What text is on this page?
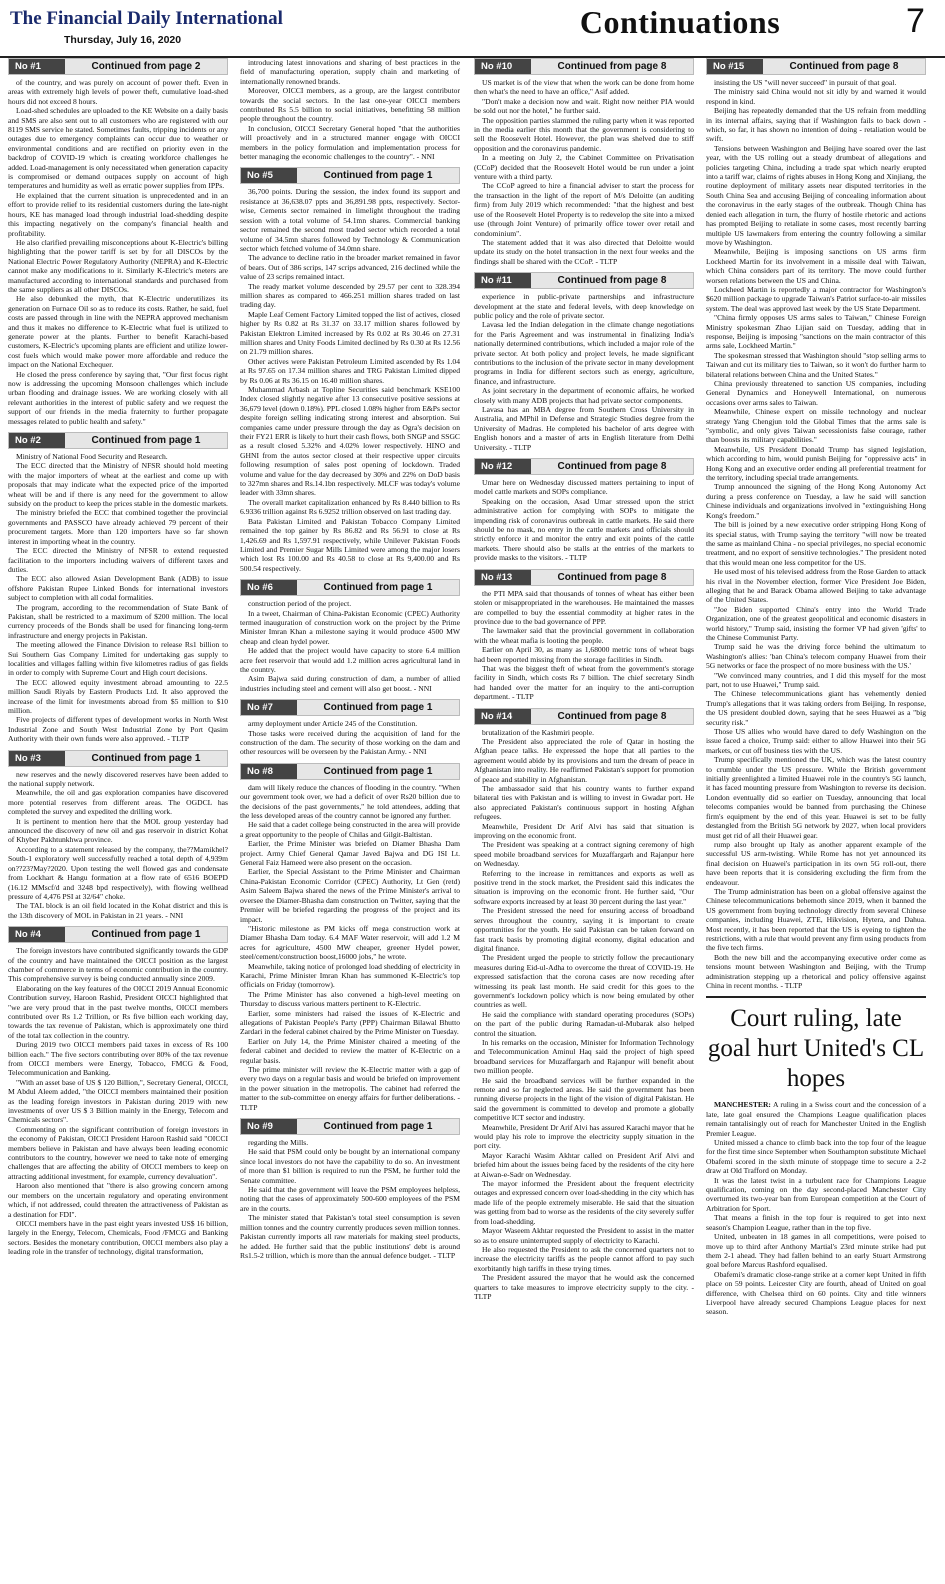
The Financial Daily International
Thursday, July 16, 2020	Continuations	7
No #1	Continued from page 2

of the country, and was purely on account of power theft. Even in areas with extremely high levels of power theft, cumulative load-shed hours did not exceed 8 hours.

Load-shed schedules are uploaded to the KE Website on a daily basis and SMS are also sent out to all customers who are registered with our 8119 SMS service he stated. Sometimes faults, tripping incidents or any outages due to emergency complaints can occur due to weather or environmental conditions and are rectified on priority even in the backdrop of COVID-19 which is creating workforce challenges he added. Load-management is only necessitated when generation capacity is compromised or demand outpaces supply on account of high temperatures and humidity as well as erratic power supplies from IPPs.

He explained that the current situation is unprecedented and in an effort to provide relief to its residential customers during the late-night hours, KE has managed load through industrial load-shedding despite this impacting negatively on the company's financial health and profitability.

He also clarified prevailing misconceptions about K-Electric's billing highlighting that the power tariff is set by for all DISCOs by the National Electric Power Regulatory Authority (NEPRA) and K-Electric cannot make any modifications to it. Similarly K-Electric's meters are manufactured according to international standards and purchased from the same suppliers as all other DISCOs.

He also debunked the myth, that K-Electric underutilizes its generation on Furnace Oil so as to reduce its costs. Rather, he said, fuel costs are passed through in line with the NEPRA approved mechanism and thus it makes no difference to K-Electric what fuel is utilized to generate power at the plants. Further to benefit Karachi-based customers, K-Electric's upcoming plants are efficient and utilize lower-cost fuels which would make power more affordable and reduce the impact on the National Exchequer.

He closed the press conference by saying that, "Our first focus right now is addressing the upcoming Monsoon challenges which include urban flooding and drainage issues. We are working closely with all relevant authorities in the interest of public safety and we request the support of our friends in the media fraternity to further propagate messages related to public health and safety."

No #2	Continued from page 1

Ministry of National Food Security and Research.

The ECC directed that the Ministry of NFSR should hold meeting with the major importers of wheat at the earliest and come up with proposals that may indicate what the expected price of the imported wheat will be and if there is any need for the government to allow subsidy on the product to keep the prices stable in the domestic markets.

The ministry briefed the ECC that combined together the provincial governments and PASSCO have already achieved 79 percent of their procurement targets. More than 120 importers have so far shown interest in importing wheat in the country.

The ECC directed the Ministry of NFSR to extend requested facilitation to the importers including waivers of different taxes and duties.

The ECC also allowed Asian Development Bank (ADB) to issue offshore Pakistan Rupee Linked Bonds for international investors subject to completion with all codal formalities.

The program, according to the recommendation of State Bank of Pakistan, shall be restricted to a maximum of $200 million. The local currency proceeds of the Bonds shall be used for financing long-term infrastructure and energy projects in Pakistan.

The meeting allowed the Finance Division to release Rs1 billion to Sui Southern Gas Company Limited for undertaking gas supply to localities and villages falling within five kilometres radius of gas fields in order to comply with Supreme Court and High court decisions.

The ECC allowed equity investment abroad amounting to 22.5 million Saudi Riyals by Eastern Products Ltd. It also approved the increase of the limit for investments abroad from $5 million to $10 million.

Five projects of different types of development works in North West Industrial Zone and South West Industrial Zone by Port Qasim Authority with their own funds were also approved. - TLTP

No #3	Continued from page 1

new reserves and the newly discovered reserves have been added to the national supply network.

Meanwhile, the oil and gas exploration companies have discovered more potential reserves from different areas. The OGDCL has completed the survey and expedited the drilling work.

It is pertinent to mention here that the MOL group yesterday had announced the discovery of new oil and gas reservoir in district Kohat of Khyber Pakhtunkhwa province.

According to a statement released by the company, the??Mamikhel?South-1 exploratory well successfully reached a total depth of 4,939m on??23?May?2020. Upon testing the well flowed gas and condensate from Lockhart & Hangu formation at a flow rate of 6516 BOEPD (16.12 MMscf/d and 3248 bpd respectively), with flowing wellhead pressure of 4,476 PSI at 32/64" choke.

The TAL block is an oil field located in the Kohat district and this is the 13th discovery of MOL in Pakistan in 21 years. - NNI

No #4	Continued from page 1

The foreign investors have contributed significantly towards the GDP of the country and have maintained the OICCI position as the largest chamber of commerce in terms of economic contribution in the country. This comprehensive survey is being conducted annually since 2009.

Elaborating on the key features of the OICCI 2019 Annual Economic Contribution survey, Haroon Rashid, President OICCI highlighted that "we are very proud that in the past twelve months, OICCI members contributed over Rs 1.2 Trillion, or Rs five billion each working day, towards the tax revenue of Pakistan, which is approximately one third of the total tax collection in the country.

During 2019 two OICCI members paid taxes in excess of Rs 100 billion each." The five sectors contributing over 80% of the tax revenue from OICCI members were Energy, Tobacco, FMCG & Food, Telecommunication and Banking.

"With an asset base of US $ 120 Billion,", Secretary General, OICCI, M Abdul Aleem added, "the OICCI members maintained their position as the leading foreign investors in Pakistan during 2019 with new investments of over US $ 3 Billion mainly in the Energy, Telecom and Chemicals sectors".

Commenting on the significant contribution of foreign investors in the economy of Pakistan, OICCI President Haroon Rashid said "OICCI members believe in Pakistan and have always been leading economic contributors to the country, however we need to take note of emerging challenges that are affecting the ability of OICCI members to keep on attracting additional investment, for example, currency devaluation".

Haroon also mentioned that "there is also growing concern among our members on the uncertain regulatory and operating environment which, if not addressed, could threaten the attractiveness of Pakistan as a destination for FDI".

OICCI members have in the past eight years invested US$ 16 billion, largely in the Energy, Telecom, Chemicals, Food /FMCG and Banking sectors. Besides the monetary contribution, OICCI members also play a leading role in the transfer of technology, digital transformation,

introducing latest innovations and sharing of best practices in the field of manufacturing operation, supply chain and marketing of internationally renowned brands.

Moreover, OICCI members, as a group, are the largest contributor towards the social sectors. In the last one-year OICCI members contributed Rs 5.5 billion to social initiatives, benefitting 58 million people throughout the country.

In conclusion, OICCI Secretary General hoped "that the authorities will proactively and in a structured manner engage with OICCI members in the policy formulation and implementation process for better managing the economic challenges to the country". - NNI

No #5	Continued from page 1

36,700 points. During the session, the index found its support and resistance at 36,638.07 ppts and 36,891.98 ppts, respectively. Sector-wise, Cements sector remained in limelight throughout the trading session with a total volume of 54.1mn shares. Commercial banking sector remained the second most traded sector which recorded a total volume of 34.5mn shares followed by Technology & Communication sector which fetched volume of 34.0mn share.

The advance to decline ratio in the broader market remained in favor of bears. Out of 386 scrips, 147 scrips advanced, 216 declined while the value of 23 scrips remained intact.

The ready market volume descended by 29.57 per cent to 328.394 million shares as compared to 466.251 million shares traded on last trading day.

Maple Leaf Cement Factory Limited topped the list of actives, closed higher by Rs 0.82 at Rs 31.37 on 33.17 million shares followed by Pakistan Elektron Limited increased by Rs 0.02 at Rs 30.46 on 27.31 million shares and Unity Foods Limited declined by Rs 0.30 at Rs 12.56 on 21.79 million shares.

Other actives were Pakistan Petroleum Limited ascended by Rs 1.04 at Rs 97.65 on 17.34 million shares and TRG Pakistan Limited dipped by Rs 0.06 at Rs 36.15 on 16.40 million shares.

Muhammad Arbash at Topline Securities said benchmark KSE100 Index closed slightly negative after 13 consecutive positive sessions at 36,679 level (down 0.18%). PPL closed 1.08% higher from E&Ps sector despite foreign selling indicating strong interest and absorption. Sui companies came under pressure through the day as Ogra's decision on their FY21 ERR is likely to hurt their cash flows, both SNGP and SSGC as a result closed 5.32% and 4.02% lower respectively. HINO and GHNI from the autos sector closed at their respective upper circuits following resumption of sales post opening of lockdown. Traded volume and value for the day decreased by 30% and 22% on DoD basis to 327mn shares and Rs.14.1bn respectively. MLCF was today's volume leader with 33mn shares.

The overall market capitalization enhanced by Rs 8.440 billion to Rs 6.9336 trillion against Rs 6.9252 trillion observed on last trading day.

Bata Pakistan Limited and Pakistan Tobacco Company Limited remained the top gainer by Rs 86.82 and Rs 56.91 to close at Rs 1,426.69 and Rs 1,597.91 respectively, while Unilever Pakistan Foods Limited and Premier Sugar Mills Limited were among the major losers which lost Rs 100.00 and Rs 40.58 to close at Rs 9,400.00 and Rs 500.54 respectively.

No #6	Continued from page 1

construction period of the project.

In a tweet, Chairman of China-Pakistan Economic (CPEC) Authority termed inauguration of construction work on the project by the Prime Minister Imran Khan a milestone saying it would produce 4500 MW cheap and clean hydel power.

He added that the project would have capacity to store 6.4 million acre feet reservoir that would add 1.2 million acres agricultural land in the country.

Asim Bajwa said during construction of dam, a number of allied industries including steel and cement will also get boost. - NNI

No #7	Continued from page 1

army deployment under Article 245 of the Constitution.

Those tasks were received during the acquisition of land for the construction of the dam. The security of those working on the dam and other resources will be overseen by the Pakistan Army. - NNI

No #8	Continued from page 1

dam will likely reduce the chances of flooding in the country. "When our government took over, we had a deficit of over Rs20 billion due to the decisions of the past governments," he told attendees, adding that the less developed areas of the country cannot be ignored any further.

He said that a cadet college being constructed in the area will provide a great opportunity to the people of Chilas and Gilgit-Baltistan.

Earlier, the Prime Minister was briefed on Diamer Bhasha Dam project. Army Chief General Qamar Javed Bajwa and DG ISI Lt. General Faiz Hameed were also present on the occasion.

Earlier, the Special Assistant to the Prime Minister and Chairman China-Pakistan Economic Corridor (CPEC) Authority, Lt Gen (retd) Asim Saleem Bajwa shared the news of the Prime Minister's arrival to oversee the Diamer-Bhasha dam construction on Twitter, saying that the Premier will be briefed regarding the progress of the project and its impact.

"Historic milestone as PM kicks off mega construction work at Diamer Bhasha Dam today. 6.4 MAF Water reservoir, will add 1.2 M acres for agriculture, 4500 MW cheaper, greener Hydel power, steel/cement/construction boost,16000 jobs," he wrote.

Meanwhile, taking notice of prolonged load shedding of electricity in Karachi, Prime Minister Imran Khan has summoned K-Electric's top officials on Friday (tomorrow).

The Prime Minister has also convened a high-level meeting on Thursday to discuss various matters pertinent to K-Electric.

Earlier, some ministers had raised the issues of K-Electric and allegations of Pakistan People's Party (PPP) Chairman Bilawal Bhutto Zardari in the federal cabinet chaired by the Prime Minister on Tuesday.

Earlier on July 14, the Prime Minister chaired a meeting of the federal cabinet and decided to review the matter of K-Electric on a regular basis.

The prime minister will review the K-Electric matter with a gap of every two days on a regular basis and would be briefed on improvement in the power situation in the metropolis. The cabinet had referred the matter to the sub-committee on energy affairs for further deliberations. - TLTP

No #9	Continued from page 1

regarding the Mills.

He said that PSM could only be bought by an international company since local investors do not have the capability to do so. An investment of more than $1 billion is required to run the PSM, he further told the Senate committee.

He said that the government will leave the PSM employees helpless, noting that the cases of approximately 500-600 employees of the PSM are in the courts.

The minister stated that Pakistan's total steel consumption is seven million tonnes and the country currently produces seven million tonnes. Pakistan currently imports all raw materials for making steel products, he added. He further said that the public institutions' debt is around Rs1.5-2 trillion, which is more than the annual defence budget. - TLTP

No #10	Continued from page 8

US market is of the view that when the work can be done from home then what's the need to have an office," Asif added.

"Don't make a decision now and wait. Right now neither PIA would be sold out nor the hotel," he further said.

The opposition parties slammed the ruling party when it was reported in the media earlier this month that the government is considering to sell the Roosevelt Hotel. However, the plan was shelved due to stiff opposition and the coronavirus pandemic.

In a meeting on July 2, the Cabinet Committee on Privatisation (CCoP) decided that the Roosevelt Hotel would be run under a joint venture with a third party.

The CCoP agreed to hire a financial adviser to start the process for the transaction in the light of the report of M/s Deloitte (an auditing firm) from July 2019 which recommended: "that the highest and best use of the Roosevelt Hotel Property is to redevelop the site into a mixed use (through Joint Venture) of primarily office tower over retail and condominium".

The statement added that it was also directed that Deloitte would update its study on the hotel transaction in the next four weeks and the findings shall be shared with the CCoP. - TLTP

No #11	Continued from page 8

experience in public-private partnerships and infrastructure development at the state and federal levels, with deep knowledge on public policy and the role of private sector.

Lavasa led the Indian delegation in the climate change negotiations for the Paris Agreement and was instrumental in finalizing India's nationally determined contributions, which included a major role of the private sector. At both policy and project levels, he made significant contributions to the inclusion of the private sector in many development programs in India for different sectors such as energy, agriculture, finance, and infrastructure.

As joint secretary in the department of economic affairs, he worked closely with many ADB projects that had private sector components.

Lavasa has an MBA degree from Southern Cross University in Australia, and MPhil in Defense and Strategic Studies degree from the University of Madras. He completed his bachelor of arts degree with English honors and a master of arts in English literature from Delhi University. - TLTP

No #12	Continued from page 8

Umar here on Wednesday discussed matters pertaining to input of model cattle markets and SOPs compliance.

Speaking on the occasion, Asad Umar stressed upon the strict administrative action for complying with SOPs to mitigate the impending risk of coronavirus outbreak in cattle markets. He said there should be no mask, no entry in the cattle markets and officials should strictly enforce it and monitor the entry and exit points of the cattle markets. There should also be stalls at the entries of the markets to provide masks to the visitors. - TLTP

No #13	Continued from page 8

the PTI MPA said that thousands of tonnes of wheat has either been stolen or misappropriated in the warehouses. He maintained the masses are compelled to buy the essential commodity at higher rates in the province due to the bad governance of PPP.

The lawmaker said that the provincial government in collaboration with the wheat mafia is looting the people.

Earlier on April 30, as many as 1,68000 metric tons of wheat bags had been reported missing from the storage facilities in Sindh.

That was the biggest theft of wheat from the government's storage facility in Sindh, which costs Rs 7 billion. The chief secretary Sindh had handed over the matter for an inquiry to the anti-corruption department. - TLTP

No #14	Continued from page 8

brutalization of the Kashmiri people.

The President also appreciated the role of Qatar in hosting the Afghan peace talks. He expressed the hope that all parties to the agreement would abide by its provisions and turn the dream of peace in Afghanistan into reality. He reaffirmed Pakistan's support for promotion of peace and stability in Afghanistan.

The ambassador said that his country wants to further expand bilateral ties with Pakistan and is willing to invest in Gwadar port. He also appreciated Pakistan's continuous support in hosting Afghan refugees.

Meanwhile, President Dr Arif Alvi has said that situation is improving on the economic front.

The President was speaking at a contract signing ceremony of high speed mobile broadband services for Muzaffargarh and Rajanpur here on Wednesday.

Referring to the increase in remittances and exports as well as positive trend in the stock market, the President said this indicates the situation is improving on the economic front. He further said, "Our software exports increased by at least 30 percent during the last year."

The President stressed the need for ensuring access of broadband serves throughout the country, saying it is important to create opportunities for the youth. He said Pakistan can be taken forward on fast track basis by promoting digital economy, digital education and digital finance.

The President urged the people to strictly follow the precautionary measures during Eid-ul-Adha to overcome the threat of COVID-19. He expressed satisfaction that the corona cases are now receding after witnessing its peak last month. He said credit for this goes to the government's lockdown policy which is now being emulated by other countries as well.

He said the compliance with standard operating procedures (SOPs) on the part of the public during Ramadan-ul-Mubarak also helped control the situation.

In his remarks on the occasion, Minister for Information Technology and Telecommunication Aminul Haq said the project of high speed broadband services for Muzaffargarh and Rajanpur will benefit about two million people.

He said the broadband services will be further expanded in the remote and so far neglected areas. He said the government has been running diverse projects in the light of the vision of digital Pakistan. He said the government is committed to develop and promote a globally competitive ICT sector and industry.

Meanwhile, President Dr Arif Alvi has assured Karachi mayor that he would play his role to improve the electricity supply situation in the port city.

Mayor Karachi Wasim Akhtar called on President Arif Alvi and briefed him about the issues being faced by the residents of the city here at Aiwan-e-Sadr on Wednesday.

The mayor informed the President about the frequent electricity outages and expressed concern over load-shedding in the city which has made life of the people extremely miserable. He said that the situation was getting from bad to worse as the residents of the city severely suffer from load-shedding.

Mayor Waseem Akhtar requested the President to assist in the matter so as to ensure uninterrupted supply of electricity to Karachi.

He also requested the President to ask the concerned quarters not to increase the electricity tariffs as the people cannot afford to pay such exorbitantly high tariffs in these trying times.

The President assured the mayor that he would ask the concerned quarters to take measures to improve electricity supply to the city. - TLTP

No #15	Continued from page 8

insisting the US "will never succeed" in pursuit of that goal.

The ministry said China would not sit idly by and warned it would respond in kind.

Beijing has repeatedly demanded that the US refrain from meddling in its internal affairs, saying that if Washington fails to back down - which, so far, it has shown no intention of doing - retaliation would be swift.

Tensions between Washington and Beijing have soared over the last year, with the US rolling out a steady drumbeat of allegations and policies targeting China, including a trade spat which nearly erupted into a tariff war, claims of rights abuses in Hong Kong and Xinjiang, the routine deployment of military assets near disputed territories in the South China Sea and accusing Beijing of concealing information about the coronavirus in the early stages of the outbreak. Though China has denied each allegation in turn, the flurry of hostile rhetoric and actions has prompted Beijing to retaliate in some cases, most recently barring multiple US lawmakers from entering the country following a similar move by Washington.

Meanwhile, Beijing is imposing sanctions on US arms firm Lockheed Martin for its involvement in a missile deal with Taiwan, which China considers part of its territory. The move could further worsen relations between the US and China.

Lockheed Martin is reportedly a major contractor for Washington's $620 million package to upgrade Taiwan's Patriot surface-to-air missiles system. The deal was approved last week by the US State Department.

"China firmly opposes US arms sales to Taiwan," Chinese Foreign Ministry spokesman Zhao Lijian said on Tuesday, adding that in response, Beijing is imposing "sanctions on the main contractor of this arms sale, Lockheed Martin."

The spokesman stressed that Washington should "stop selling arms to Taiwan and cut its military ties to Taiwan, so it won't do further harm to bilateral relations between China and the United States."

China previously threatened to sanction US companies, including General Dynamics and Honeywell International, on numerous occasions over arms sales to Taiwan.

Meanwhile, Chinese expert on missile technology and nuclear strategy Yang Chengjun told the Global Times that the arms sale is "symbolic, and only gives Taiwan secessionists false courage, rather than boosts its military capabilities."

Meanwhile, US President Donald Trump has signed legislation, which according to him, would punish Beijing for "oppressive acts" in Hong Kong and an executive order ending all preferential treatment for the territory, including special trade arrangements.

Trump announced the signing of the Hong Kong Autonomy Act during a press conference on Tuesday, a law he said will sanction Chinese individuals and organizations involved in "extinguishing Hong Kong's freedom."

The bill is joined by a new executive order stripping Hong Kong of its special status, with Trump saying the territory "will now be treated the same as mainland China - no special privileges, no special economic treatment, and no export of sensitive technologies." The president noted that this would mean one less competitor for the US.

He used most of his televised address from the Rose Garden to attack his rival in the November election, former Vice President Joe Biden, alleging that he and Barack Obama allowed Beijing to take advantage of the United States.

"Joe Biden supported China's entry into the World Trade Organization, one of the greatest geopolitical and economic disasters in world history," Trump said, insisting the former VP had given 'gifts' to the Chinese Communist Party.

Trump said he was the driving force behind the ultimatum to Washington's allies: 'ban China's telecom company Huawei from their 5G networks or face the prospect of no more business with the US.'

"We convinced many countries, and I did this myself for the most part, not to use Huawei," Trump said.

The Chinese telecommunications giant has vehemently denied Trump's allegations that it was taking orders from Beijing. In response, the US president doubled down, saying that he sees Huawei as a "big security risk."

Those US allies who would have dared to defy Washington on the issue faced a choice, Trump said: either to allow Huawei into their 5G markets, or cut off business ties with the US.

Trump specifically mentioned the UK, which was the latest country to crumble under the US pressure. While the British government initially greenlighted a limited Huawei role in the country's 5G launch, it has faced mounting pressure from Washington to reverse its decision. London eventually did so earlier on Tuesday, announcing that local telecoms companies would be banned from purchasing the Chinese firm's equipment by the end of this year. Huawei is set to be fully destangled from the British 5G network by 2027, when local providers must get rid of all their Huawei gear.

rump also brought up Italy as another apparent example of the successful US arm-twisting. While Rome has not yet announced its final decision on Huawei's participation in its own 5G roll-out, there have been reports that it is considering excluding the firm from the endeavour.

The Trump administration has been on a global offensive against the Chinese telecommunications behemoth since 2019, when it banned the US government from buying technology directly from several Chinese companies, including Huawei, ZTE, Hikvision, Hytera, and Dahua. Most recently, it has been reported that the US is eyeing to tighten the restrictions, with a rule that would prevent any firm using products from the five tech firms.

Both the new bill and the accompanying executive order come as tensions mount between Washington and Beijing, with the Trump administration stepping up a rhetorical and policy offensive against China in recent months. - TLTP

Court ruling, late goal hurt United's CL hopes

MANCHESTER: A ruling in a Swiss court and the concession of a late, late goal ensured the Champions League qualification places remain tantalisingly out of reach for Manchester United in the English Premier League.

United missed a chance to climb back into the top four of the league for the first time since September when Southampton substitute Michael Obafemi scored in the sixth minute of stoppage time to secure a 2-2 draw at Old Trafford on Monday.

It was the latest twist in a turbulent race for Champions League qualification, coming on the day second-placed Manchester City overturned its two-year ban from European competition at the Court of Arbitration for Sport.

That means a finish in the top four is required to get into next season's Champion League, rather than in the top five.

United, unbeaten in 18 games in all competitions, were poised to move up to third after Anthony Martial's 23rd minute strike had put them 2-1 ahead. They had fallen behind to an early Stuart Armstrong goal before Marcus Rashford equalised.

Obafemi's dramatic close-range strike at a corner kept United in fifth place on 59 points. Leicester City are fourth, ahead of United on goal difference, with Chelsea third on 60 points. City and title winners Liverpool have already secured Champions League places for next season.
